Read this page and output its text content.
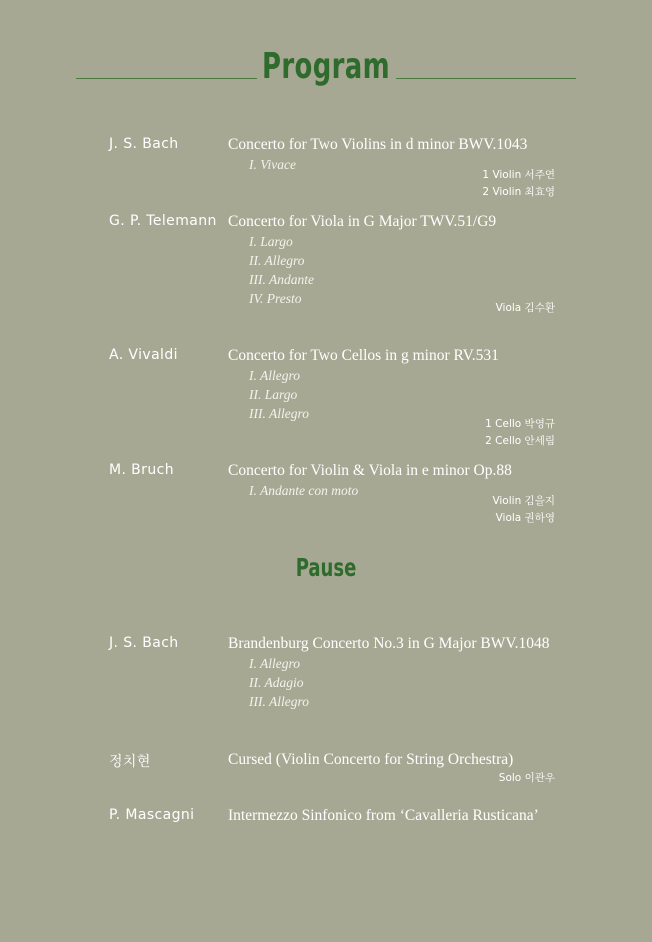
Program
J. S. Bach	Concerto for Two Violins in d minor BWV.1043
I. Vivace
1 Violin 서주연
2 Violin 최효영
G. P. Telemann Concerto for Viola in G Major TWV.51/G9
I. Largo
II. Allegro
III. Andante
IV. Presto
Viola 김수환
A. Vivaldi	Concerto for Two Cellos in g minor RV.531
I. Allegro
II. Largo
III. Allegro
1 Cello 박영규
2 Cello 안세림
M. Bruch	Concerto for Violin & Viola in e minor Op.88
I. Andante con moto
Violin 김을지
Viola 권하영
Pause
J. S. Bach	Brandenburg Concerto No.3 in G Major BWV.1048
I. Allegro
II. Adagio
III. Allegro
정치현	Cursed (Violin Concerto for String Orchestra)
Solo 이관우
P. Mascagni Intermezzo Sinfonico from ‘Cavalleria Rusticana’
